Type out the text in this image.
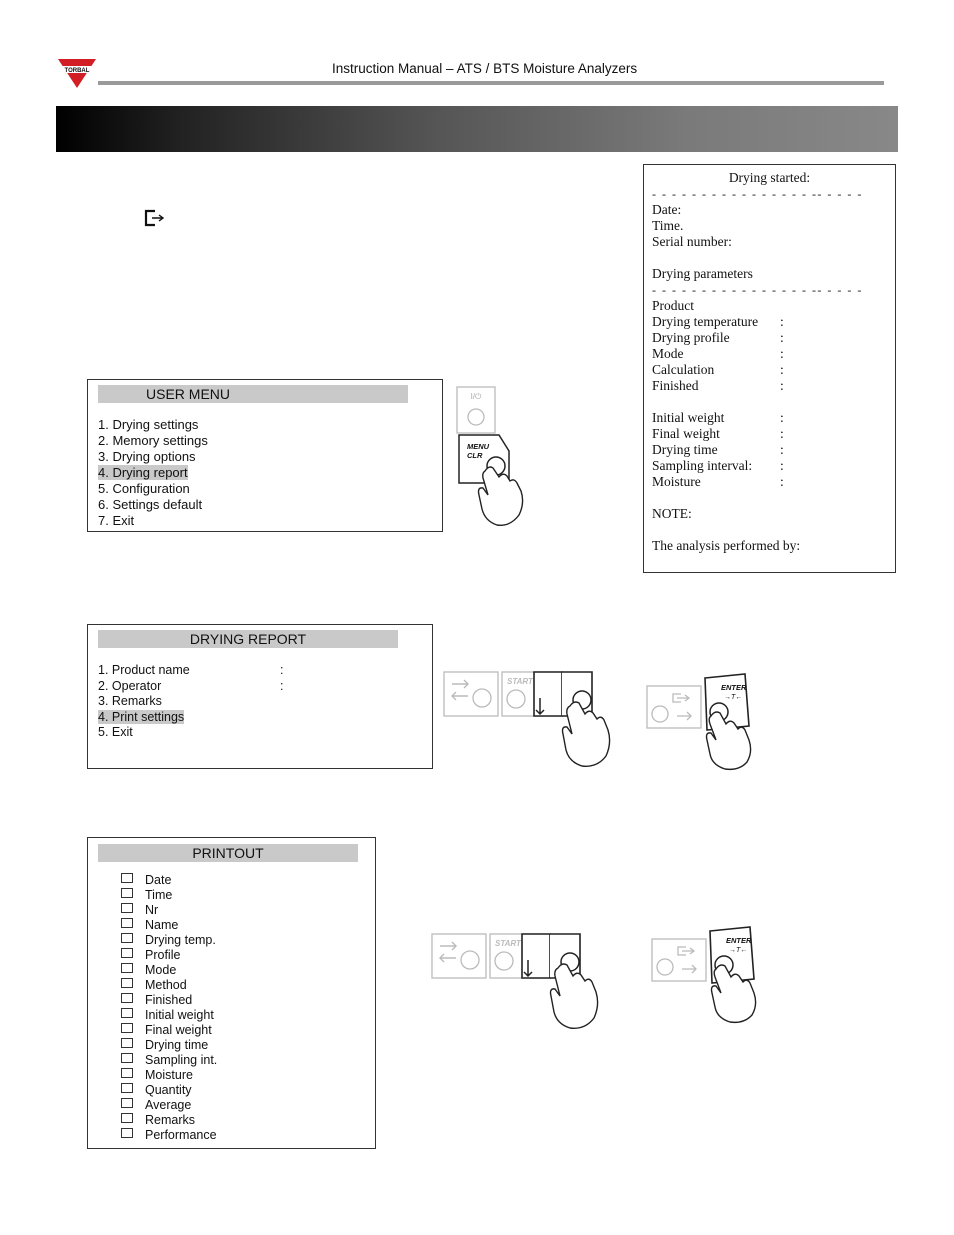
TORBAL	Instruction Manual – ATS / BTS Moisture Analyzers
USER MENU
1. Drying settings
2. Memory settings
3. Drying options
4. Drying report
5. Configuration
6. Settings default
7. Exit
I/⏻
MENU
CLR
Drying started:
- - - - - - - - - - - - - - - - -- - - - -
Date:
Time.
Serial number:
Drying parameters
- - - - - - - - - - - - - - - - -- - - - -
Product
Drying temperature :
Drying profile	:
Mode	:
Calculation	:
Finished	:
Initial weight	:
Final weight	:
Drying time	:
Sampling interval: :
Moisture	:
NOTE:
The analysis performed by:
DRYING REPORT
1. Product name	:
2. Operator	:
3. Remarks
4. Print settings
5. Exit
START
ENTER
→T←
PRINTOUT
Date
Time
Nr
Name
Drying temp.
Profile
Mode
Method
Finished
Initial weight
Final weight
Drying time
Sampling int.
Moisture
Quantity
Average
Remarks
Performance
START	ENTER
→T←
